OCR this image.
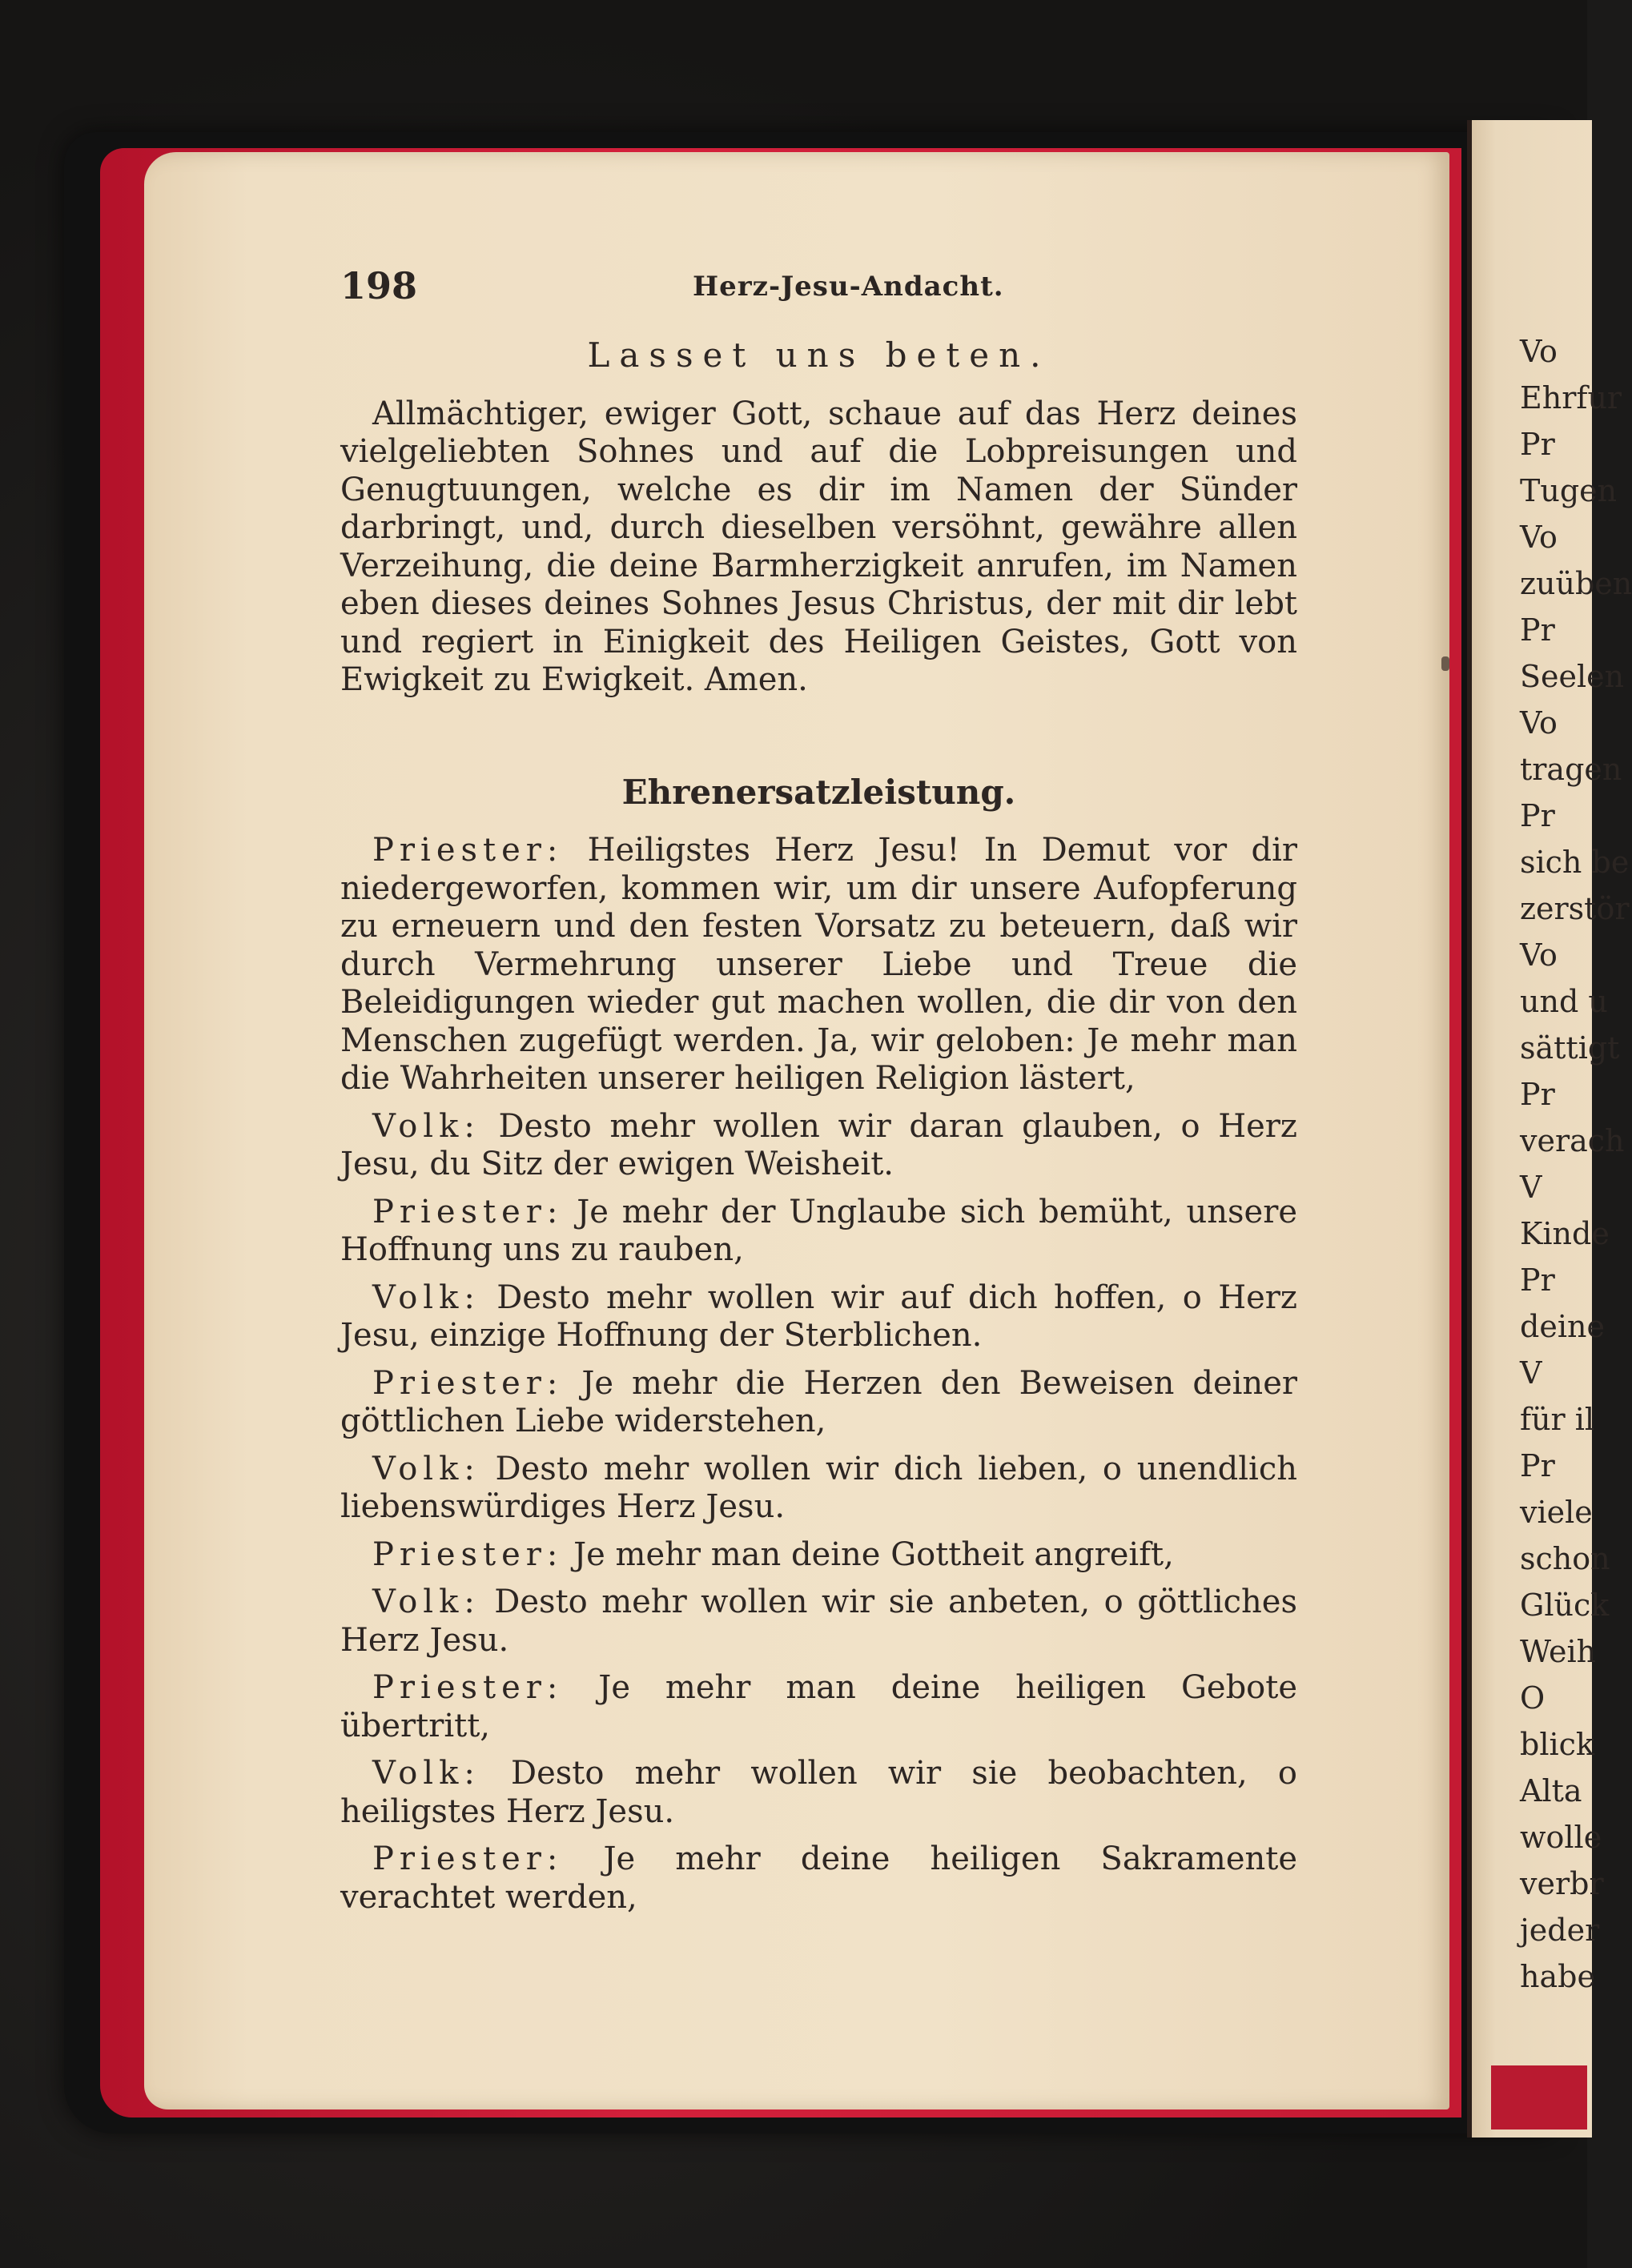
Vo
Ehrfur
Pr
Tugen
Vo
zuüben
Pr
Seelen
Vo
tragen
Pr
sich be
zerstör
Vo
und u
sättigt
Pr
verach
V
Kinde
Pr
deine
V
für il
Pr
viele
schon
Glück
Weih
O
blick
Alta
wolle
verbr
jeder
habe
198	Herz-Jesu-Andacht.

Lasset uns beten.

Allmächtiger, ewiger Gott, schaue auf das Herz deines vielgeliebten Sohnes und auf die Lobpreisungen und Genugtuungen, welche es dir im Namen der Sünder darbringt, und, durch dieselben versöhnt, gewähre allen Verzeihung, die deine Barmherzigkeit anrufen, im Namen eben dieses deines Sohnes Jesus Christus, der mit dir lebt und regiert in Einigkeit des Heiligen Geistes, Gott von Ewigkeit zu Ewigkeit. Amen.

Ehrenersatzleistung.

Priester: Heiligstes Herz Jesu! In Demut vor dir niedergeworfen, kommen wir, um dir unsere Aufopferung zu erneuern und den festen Vorsatz zu beteuern, daß wir durch Vermehrung unserer Liebe und Treue die Beleidigungen wieder gut machen wollen, die dir von den Menschen zugefügt werden. Ja, wir geloben: Je mehr man die Wahrheiten unserer heiligen Religion lästert,

Volk: Desto mehr wollen wir daran glauben, o Herz Jesu, du Sitz der ewigen Weisheit.

Priester: Je mehr der Unglaube sich bemüht, unsere Hoffnung uns zu rauben,

Volk: Desto mehr wollen wir auf dich hoffen, o Herz Jesu, einzige Hoffnung der Sterblichen.

Priester: Je mehr die Herzen den Beweisen deiner göttlichen Liebe widerstehen,

Volk: Desto mehr wollen wir dich lieben, o unendlich liebenswürdiges Herz Jesu.

Priester: Je mehr man deine Gottheit angreift,

Volk: Desto mehr wollen wir sie anbeten, o göttliches Herz Jesu.

Priester: Je mehr man deine heiligen Gebote übertritt,

Volk: Desto mehr wollen wir sie beobachten, o heiligstes Herz Jesu.

Priester: Je mehr deine heiligen Sakramente verachtet werden,
